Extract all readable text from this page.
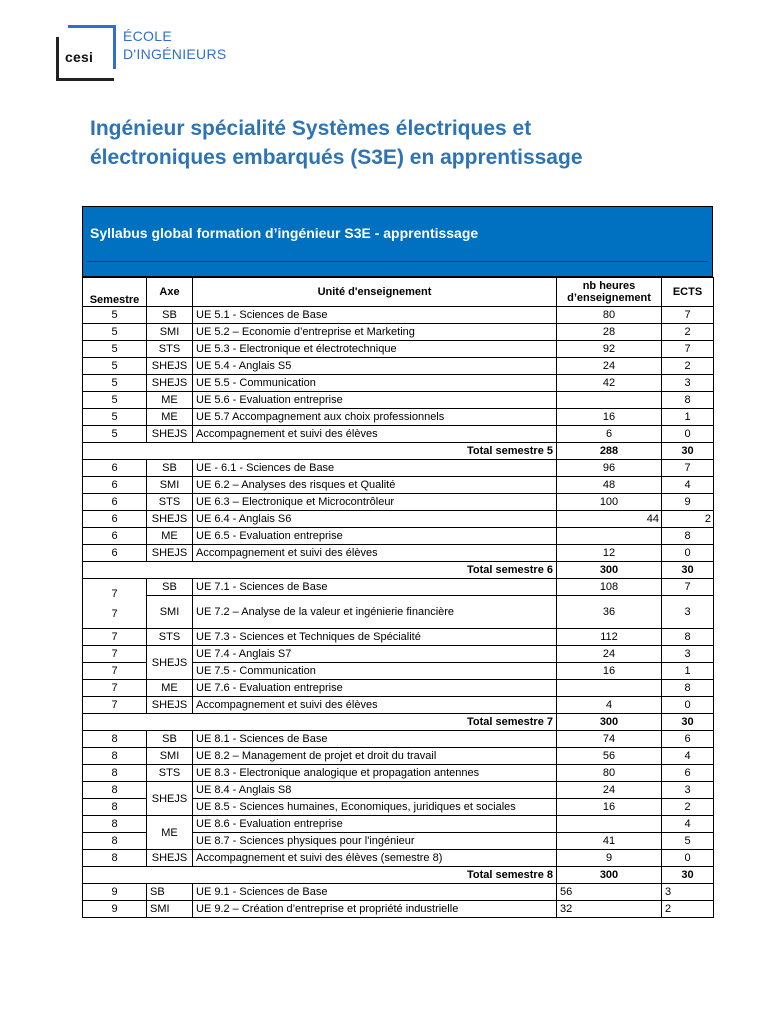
cesi
ÉCOLE
D'INGÉNIEURS
Ingénieur spécialité Systèmes électriques et
électroniques embarqués (S3E) en apprentissage
Syllabus global formation d’ingénieur S3E - apprentissage
Semestre	Axe	Unité d'enseignement	nb heures d’enseignement	ECTS
5	SB	UE 5.1 - Sciences de Base	80	7
5	SMI	UE 5.2 – Economie d’entreprise et Marketing	28	2
5	STS	UE 5.3 - Electronique et électrotechnique	92	7
5	SHEJS	UE 5.4 - Anglais S5	24	2
5	SHEJS	UE 5.5 - Communication	42	3
5	ME	UE 5.6 - Evaluation entreprise		8
5	ME	UE 5.7 Accompagnement aux choix professionnels	16	1
5	SHEJS	Accompagnement et suivi des élèves	6	0
Total semestre 5			288	30
6	SB	UE - 6.1 - Sciences de Base	96	7
6	SMI	UE 6.2 – Analyses des risques et Qualité	48	4
6	STS	UE 6.3 – Electronique et Microcontrôleur	100	9
6	SHEJS	UE 6.4 - Anglais S6	44	2
6	ME	UE 6.5 - Evaluation entreprise		8
6	SHEJS	Accompagnement et suivi des élèves	12	0
Total semestre 6			300	30

7
7	SB	UE 7.1 - Sciences de Base	108	7
	SMI	UE 7.2 – Analyse de la valeur et ingénierie financière	36	3
7	STS	UE 7.3 - Sciences et Techniques de Spécialité	112	8
7	SHEJS	UE 7.4 - Anglais S7	24	3
7		UE 7.5 - Communication	16	1
7	ME	UE 7.6 - Evaluation entreprise		8
7	SHEJS	Accompagnement et suivi des élèves	4	0
Total semestre 7			300	30
8	SB	UE 8.1 - Sciences de Base	74	6
8	SMI	UE 8.2 – Management de projet et droit du travail	56	4
8	STS	UE 8.3 - Electronique analogique et propagation antennes	80	6
8	SHEJS	UE 8.4 - Anglais S8	24	3
8		UE 8.5 - Sciences humaines, Economiques, juridiques et sociales	16	2
8	ME	UE 8.6 - Evaluation entreprise		4
8		UE 8.7 - Sciences physiques pour l'ingénieur	41	5
8	SHEJS	Accompagnement et suivi des élèves (semestre 8)	9	0
Total semestre 8			300	30
9	SB	UE 9.1 - Sciences de Base	56	3
9	SMI	UE 9.2 – Création d’entreprise et propriété industrielle	32	2
